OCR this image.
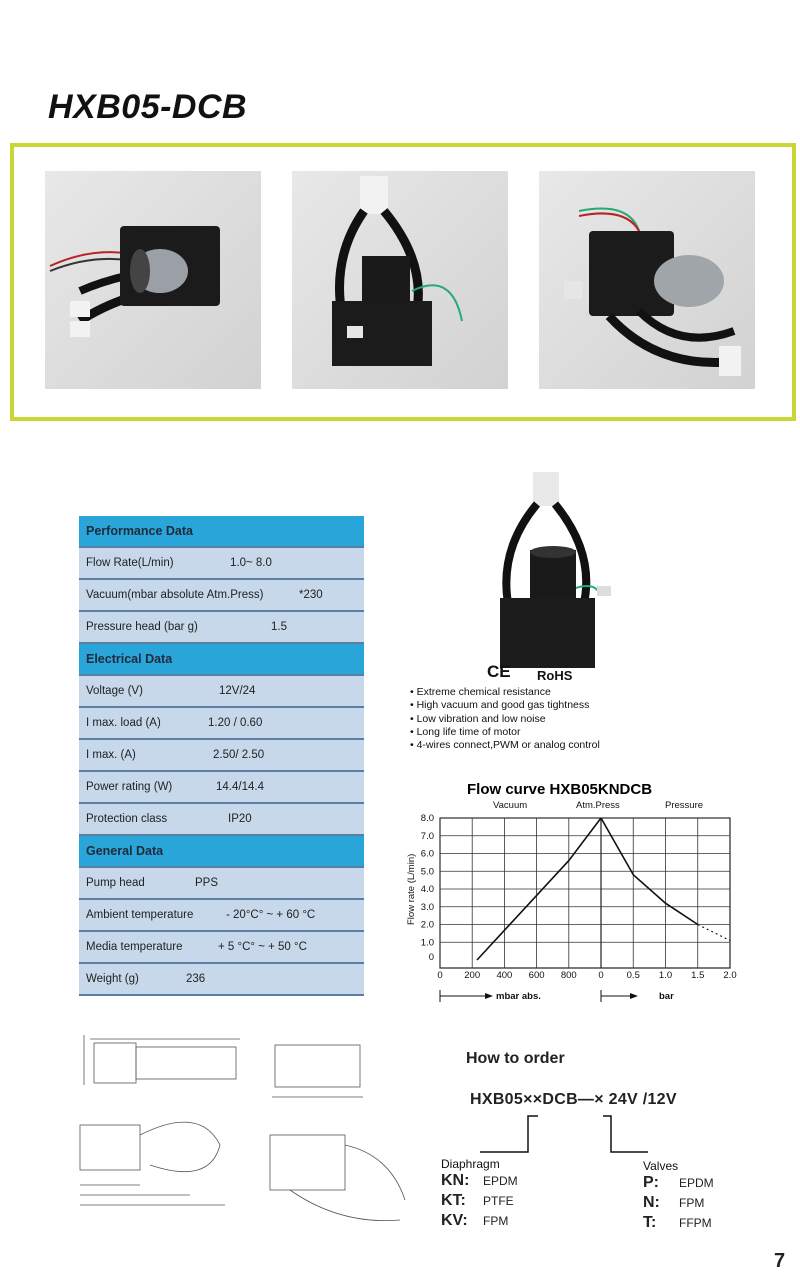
HXB05-DCB
Performance Data
Flow Rate(L/min)	1.0~ 8.0
Vacuum(mbar absolute Atm.Press)	*230
Pressure head (bar g)	1.5
Electrical Data
Voltage (V)	12V/24
I max. load (A)	1.20 / 0.60
I max. (A)	2.50/ 2.50
Power rating (W)	14.4/14.4
Protection class	IP20
General Data
Pump head	PPS
Ambient temperature	- 20°C° ~ + 60 °C
Media temperature	+ 5 °C° ~ + 50 °C
Weight (g)	236
CE RoHS
• Extreme chemical resistance
• High vacuum and good gas tightness
• Low vibration and low noise
• Long life time of motor
• 4-wires connect,PWM or analog control
Flow curve HXB05KNDCB
Vacuum	Atm.Press	Pressure
Flow rate (L/min)
8.0
7.0
6.0
5.0
4.0
3.0
2.0
1.0
0
0 200 400 600 800 0 0.5 1.0 1.5 2.0
mbar abs.	bar
How to order
HXB05××DCB—× 24V /12V
Diaphragm
KN: EPDM
KT: PTFE
KV: FPM
Valves
P: EPDM
N: FPM
T: FFPM
7
